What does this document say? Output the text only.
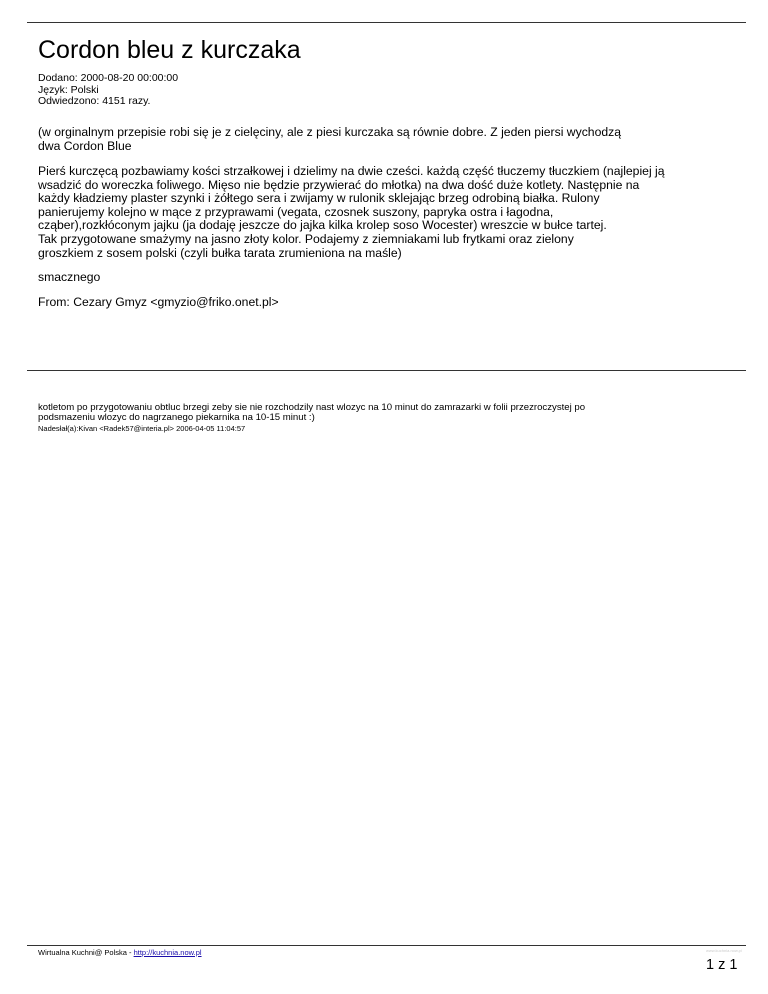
Cordon bleu z kurczaka
Dodano: 2000-08-20 00:00:00
Język: Polski
Odwiedzono: 4151 razy.

(w orginalnym przepisie robi się je z cielęciny, ale z piesi kurczaka są równie dobre. Z jeden piersi wychodzą

dwa Cordon Blue

Pierś kurczęcą pozbawiamy kości strzałkowej i dzielimy na dwie cześci. każdą część tłuczemy tłuczkiem (najlepiej ją

wsadzić do woreczka foliwego. Mięso nie będzie przywierać do młotka) na dwa dość duże kotlety. Następnie na

każdy kładziemy plaster szynki i żółtego sera i zwijamy w rulonik sklejając brzeg odrobiną białka. Rulony

panierujemy kolejno w mące z przyprawami (vegata, czosnek suszony, papryka ostra i łagodna,

cząber),rozkłóconym jajku (ja dodaję jeszcze do jajka kilka krolep soso Wocester) wreszcie w bułce tartej.

Tak przygotowane smażymy na jasno złoty kolor. Podajemy z ziemniakami lub frytkami oraz zielony

groszkiem z sosem polski (czyli bułka tarata zrumieniona na maśle)

smacznego
From: Cezary Gmyz <gmyzio@friko.onet.pl>

kotletom po przygotowaniu obtluc brzegi zeby sie nie rozchodzily nast wlozyc na 10 minut do zamrazarki w folii przezroczystej po

podsmazeniu wlozyc do nagrzanego piekarnika na 10-15 minut :)

Nadesłał(a):Kivan <Radek57@interia.pl> 2006-04-05 11:04:57

Wirtualna Kuchni@ Polska - http://kuchnia.now.pl	www.kuchnia.now.pl
1 z 1
